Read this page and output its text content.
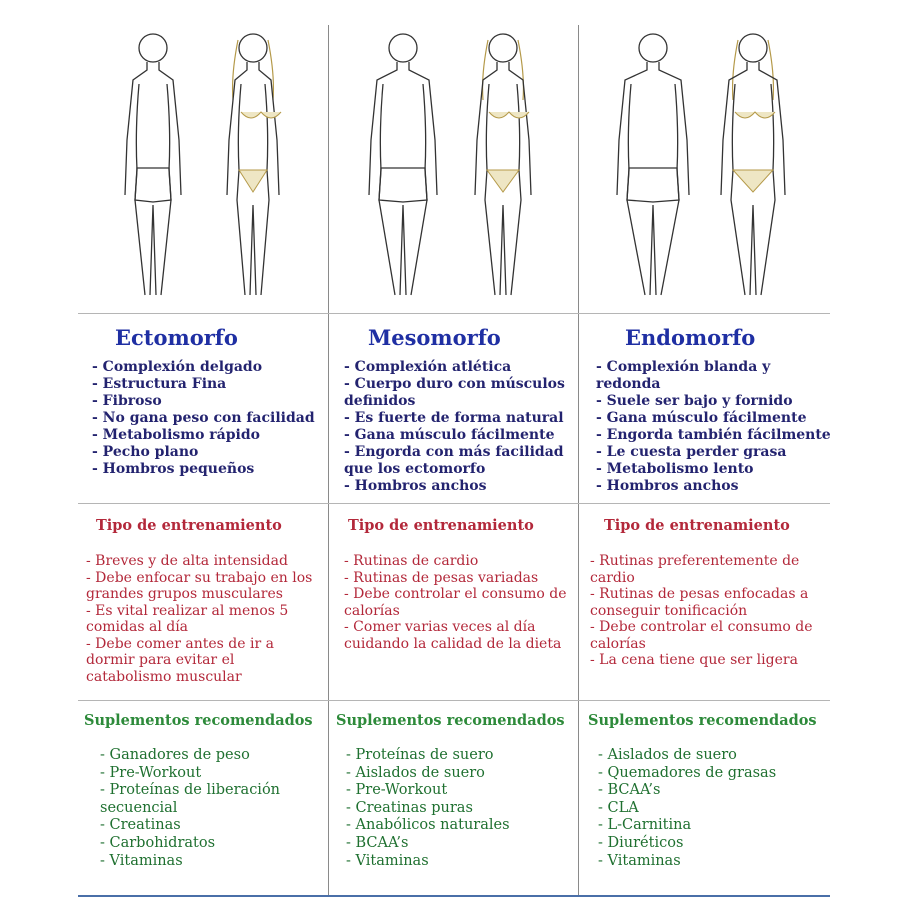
Ectomorfo
- Complexión delgado
- Estructura Fina
- Fibroso
- No gana peso con facilidad
- Metabolismo rápido
- Pecho plano
- Hombros pequeños
Tipo de entrenamiento
- Breves y de alta intensidad
- Debe enfocar su trabajo en los grandes grupos musculares
- Es vital realizar al menos 5 comidas al día
- Debe comer antes de ir a dormir para evitar el catabolismo muscular
Suplementos recomendados
- Ganadores de peso
- Pre-Workout
- Proteínas de liberación secuencial
- Creatinas
- Carbohidratos
- Vitaminas
Mesomorfo
- Complexión atlética
- Cuerpo duro con músculos definidos
- Es fuerte de forma natural
- Gana músculo fácilmente
- Engorda con más facilidad que los ectomorfo
- Hombros anchos
Tipo de entrenamiento
- Rutinas de cardio
- Rutinas de pesas variadas
- Debe controlar el consumo de calorías
- Comer varias veces al día cuidando la calidad de la dieta
Suplementos recomendados
- Proteínas de suero
- Aislados de suero
- Pre-Workout
- Creatinas puras
- Anabólicos naturales
- BCAA’s
- Vitaminas
Endomorfo
- Complexión blanda y redonda
- Suele ser bajo y fornido
- Gana músculo fácilmente
- Engorda también fácilmente
- Le cuesta perder grasa
- Metabolismo lento
- Hombros anchos
Tipo de entrenamiento
- Rutinas preferentemente de cardio
- Rutinas de pesas enfocadas a conseguir tonificación
- Debe controlar el consumo de calorías
- La cena tiene que ser ligera
Suplementos recomendados
- Aislados de suero
- Quemadores de grasas
- BCAA’s
- CLA
- L-Carnitina
- Diuréticos
- Vitaminas
